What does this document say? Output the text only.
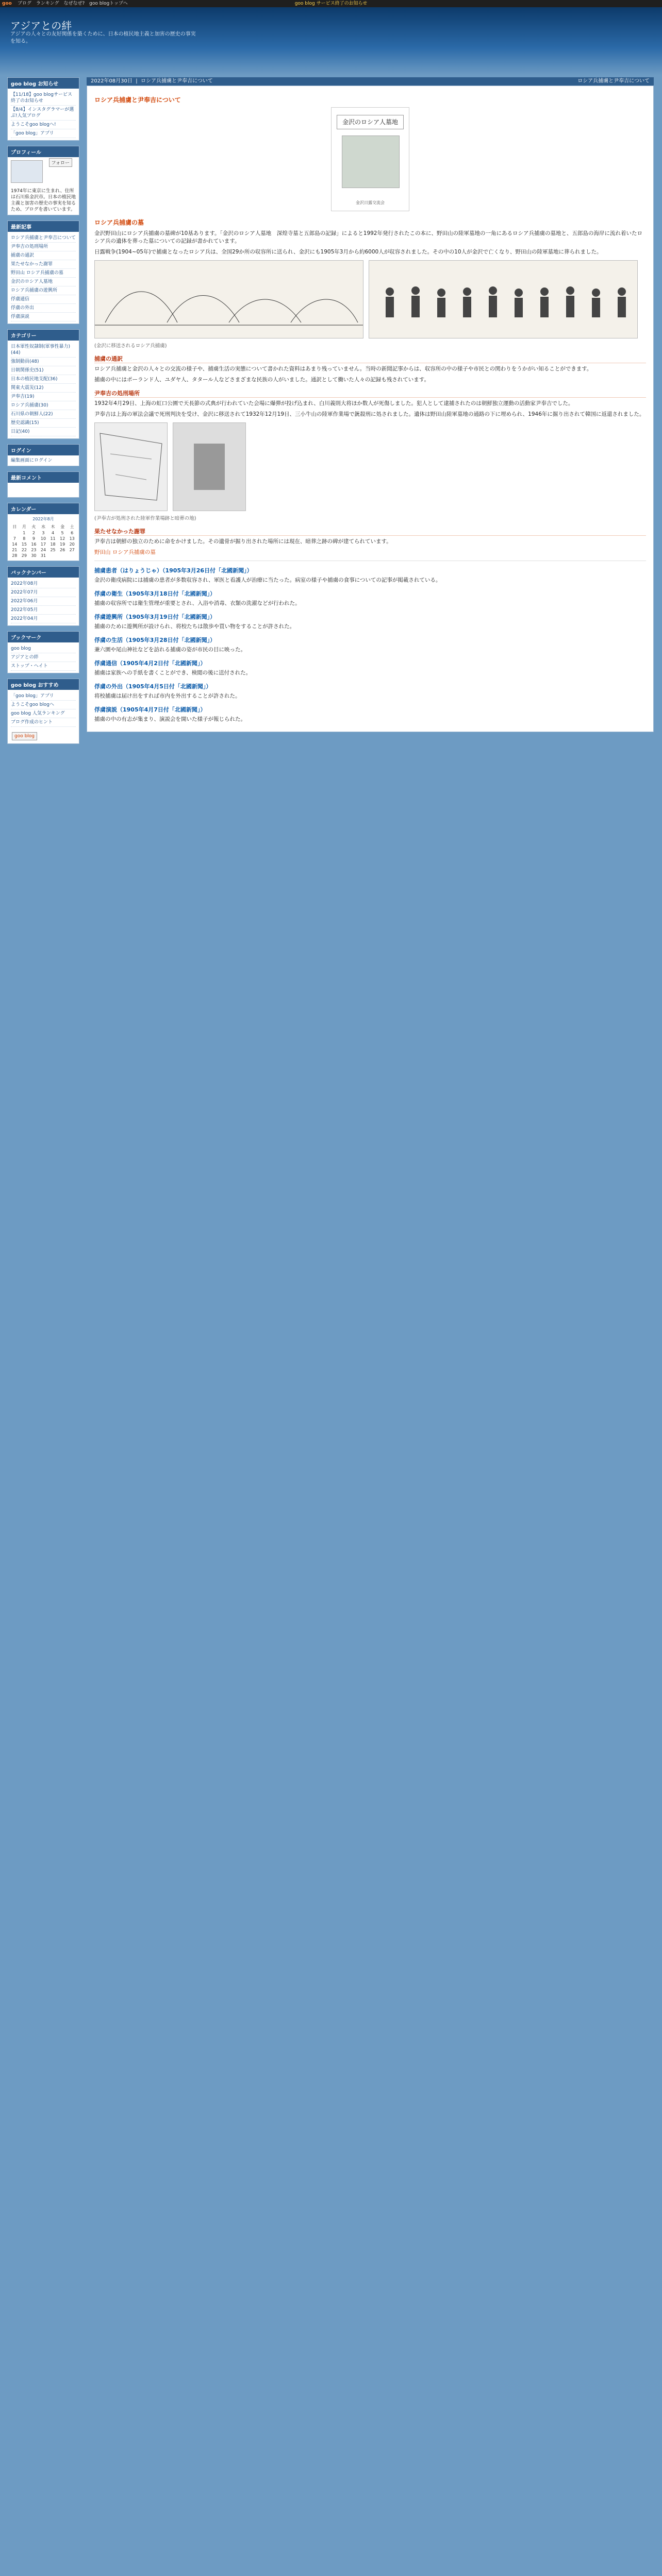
goo ブログ ランキング なぜなぜ? goo blogトップへ	goo blog サービス終了のお知らせ
アジアとの絆
アジアの人々との友好関係を築くために、日本の植民地主義と加害の歴史の事実を知る。
goo blog お知らせ
【11/18】goo blogサービス終了のお知らせ
【8/4】インスタグラマーが選ぶ!人気ブログ
ようこそgoo blogへ!
「goo blog」アプリ
プロフィール
フォロー
1974年に東京に生まれ、住所は石川県金沢市。日本の植民地主義と加害の歴史の事実を知るため、ブログを書いています。
最新記事
ロシア兵捕虜と尹奉吉について
尹奉吉の処刑場所
捕虜の通訳
果たせなかった謝罪
野田山 ロシア兵捕虜の墓
金沢のロシア人墓地
ロシア兵捕虜の遊興所
俘虜通信
俘虜の外出
俘虜演説
カテゴリー
日本軍性奴隷制(軍事性暴力)(44)
強制動員(48)
日朝関係史(51)
日本の植民地支配(36)
関東大震災(12)
尹奉吉(19)
ロシア兵捕虜(30)
石川県の朝鮮人(22)
歴史認識(15)
日記(40)
ログイン
編集画面にログイン
最新コメント
カレンダー
2022年8月
日	月	火	水	木	金	土
	1	2	3	4	5	6
7	8	9	10	11	12	13
14	15	16	17	18	19	20
21	22	23	24	25	26	27
28	29	30	31			
バックナンバー
2022年08月
2022年07月
2022年06月
2022年05月
2022年04月
ブックマーク
goo blog
アジアとの絆
ストップ・ヘイト
goo blog おすすめ
「goo blog」アプリ
ようこそgoo blogへ
goo blog 人気ランキング
ブログ作成のヒント
goo blog
2022年08月30日  |  ロシア兵捕虜と尹奉吉について	ロシア兵捕虜と尹奉吉について
ロシア兵捕虜と尹奉吉について
金沢のロシア人墓地
金沢日露交流会
ロシア兵捕虜の墓

金沢野田山にロシア兵捕虜の墓碑が10基あります。「金沢のロシア人墓地　深煌寺墓と五郎島の記録」によると1992年発行されたこの本に、野田山の陸軍墓地の一角にあるロシア兵捕虜の墓地と、五郎島の海岸に流れ着いたロシア兵の遺体を葬った墓についての記録が書かれています。

日露戦争(1904~05年)で捕虜となったロシア兵は、全国29か所の収容所に送られ、金沢にも1905年3月から約6000人が収容されました。その中の10人が金沢で亡くなり、野田山の陸軍墓地に葬られました。

(金沢に移送されるロシア兵捕虜)
捕虜の通訳

ロシア兵捕虜と金沢の人々との交流の様子や、捕虜生活の実態について書かれた資料はあまり残っていません。当時の新聞記事からは、収容所の中の様子や市民との関わりをうかがい知ることができます。

捕虜の中にはポーランド人、ユダヤ人、タタール人などさまざまな民族の人がいました。通訳として働いた人々の記録も残されています。

尹奉吉の処刑場所

1932年4月29日、上海の虹口公園で天長節の式典が行われていた会場に爆弾が投げ込まれ、白川義則大将ほか数人が死傷しました。犯人として逮捕されたのは朝鮮独立運動の活動家尹奉吉でした。

尹奉吉は上海の軍法会議で死刑判決を受け、金沢に移送されて1932年12月19日、三小牛山の陸軍作業場で銃殺刑に処されました。遺体は野田山陸軍墓地の通路の下に埋められ、1946年に掘り出されて韓国に返還されました。

(尹奉吉が処刑された陸軍作業場跡と暗葬の地)
果たせなかった謝罪

尹奉吉は朝鮮の独立のために命をかけました。その遺骨が掘り出された場所には現在、暗葬之跡の碑が建てられています。

野田山 ロシア兵捕虜の墓

捕虜患者（はりょうじゃ）（1905年3月26日付「北國新聞」）

金沢の衛戍病院には捕虜の患者が多数収容され、軍医と看護人が治療に当たった。病室の様子や捕虜の食事についての記事が掲載されている。

俘虜の衛生（1905年3月18日付「北國新聞」）

捕虜の収容所では衛生管理が重要とされ、入浴や消毒、衣類の洗濯などが行われた。

俘虜遊興所（1905年3月19日付「北國新聞」）

捕虜のために遊興所が設けられ、将校たちは散歩や買い物をすることが許された。

俘虜の生活（1905年3月28日付「北國新聞」）

兼六園や尾山神社などを訪れる捕虜の姿が市民の目に映った。

俘虜通信（1905年4月2日付「北國新聞」）

捕虜は家族への手紙を書くことができ、検閲の後に送付された。

俘虜の外出（1905年4月5日付「北國新聞」）

将校捕虜は届け出をすれば市内を外出することが許された。

俘虜演説（1905年4月7日付「北國新聞」）

捕虜の中の有志が集まり、演説会を開いた様子が報じられた。
